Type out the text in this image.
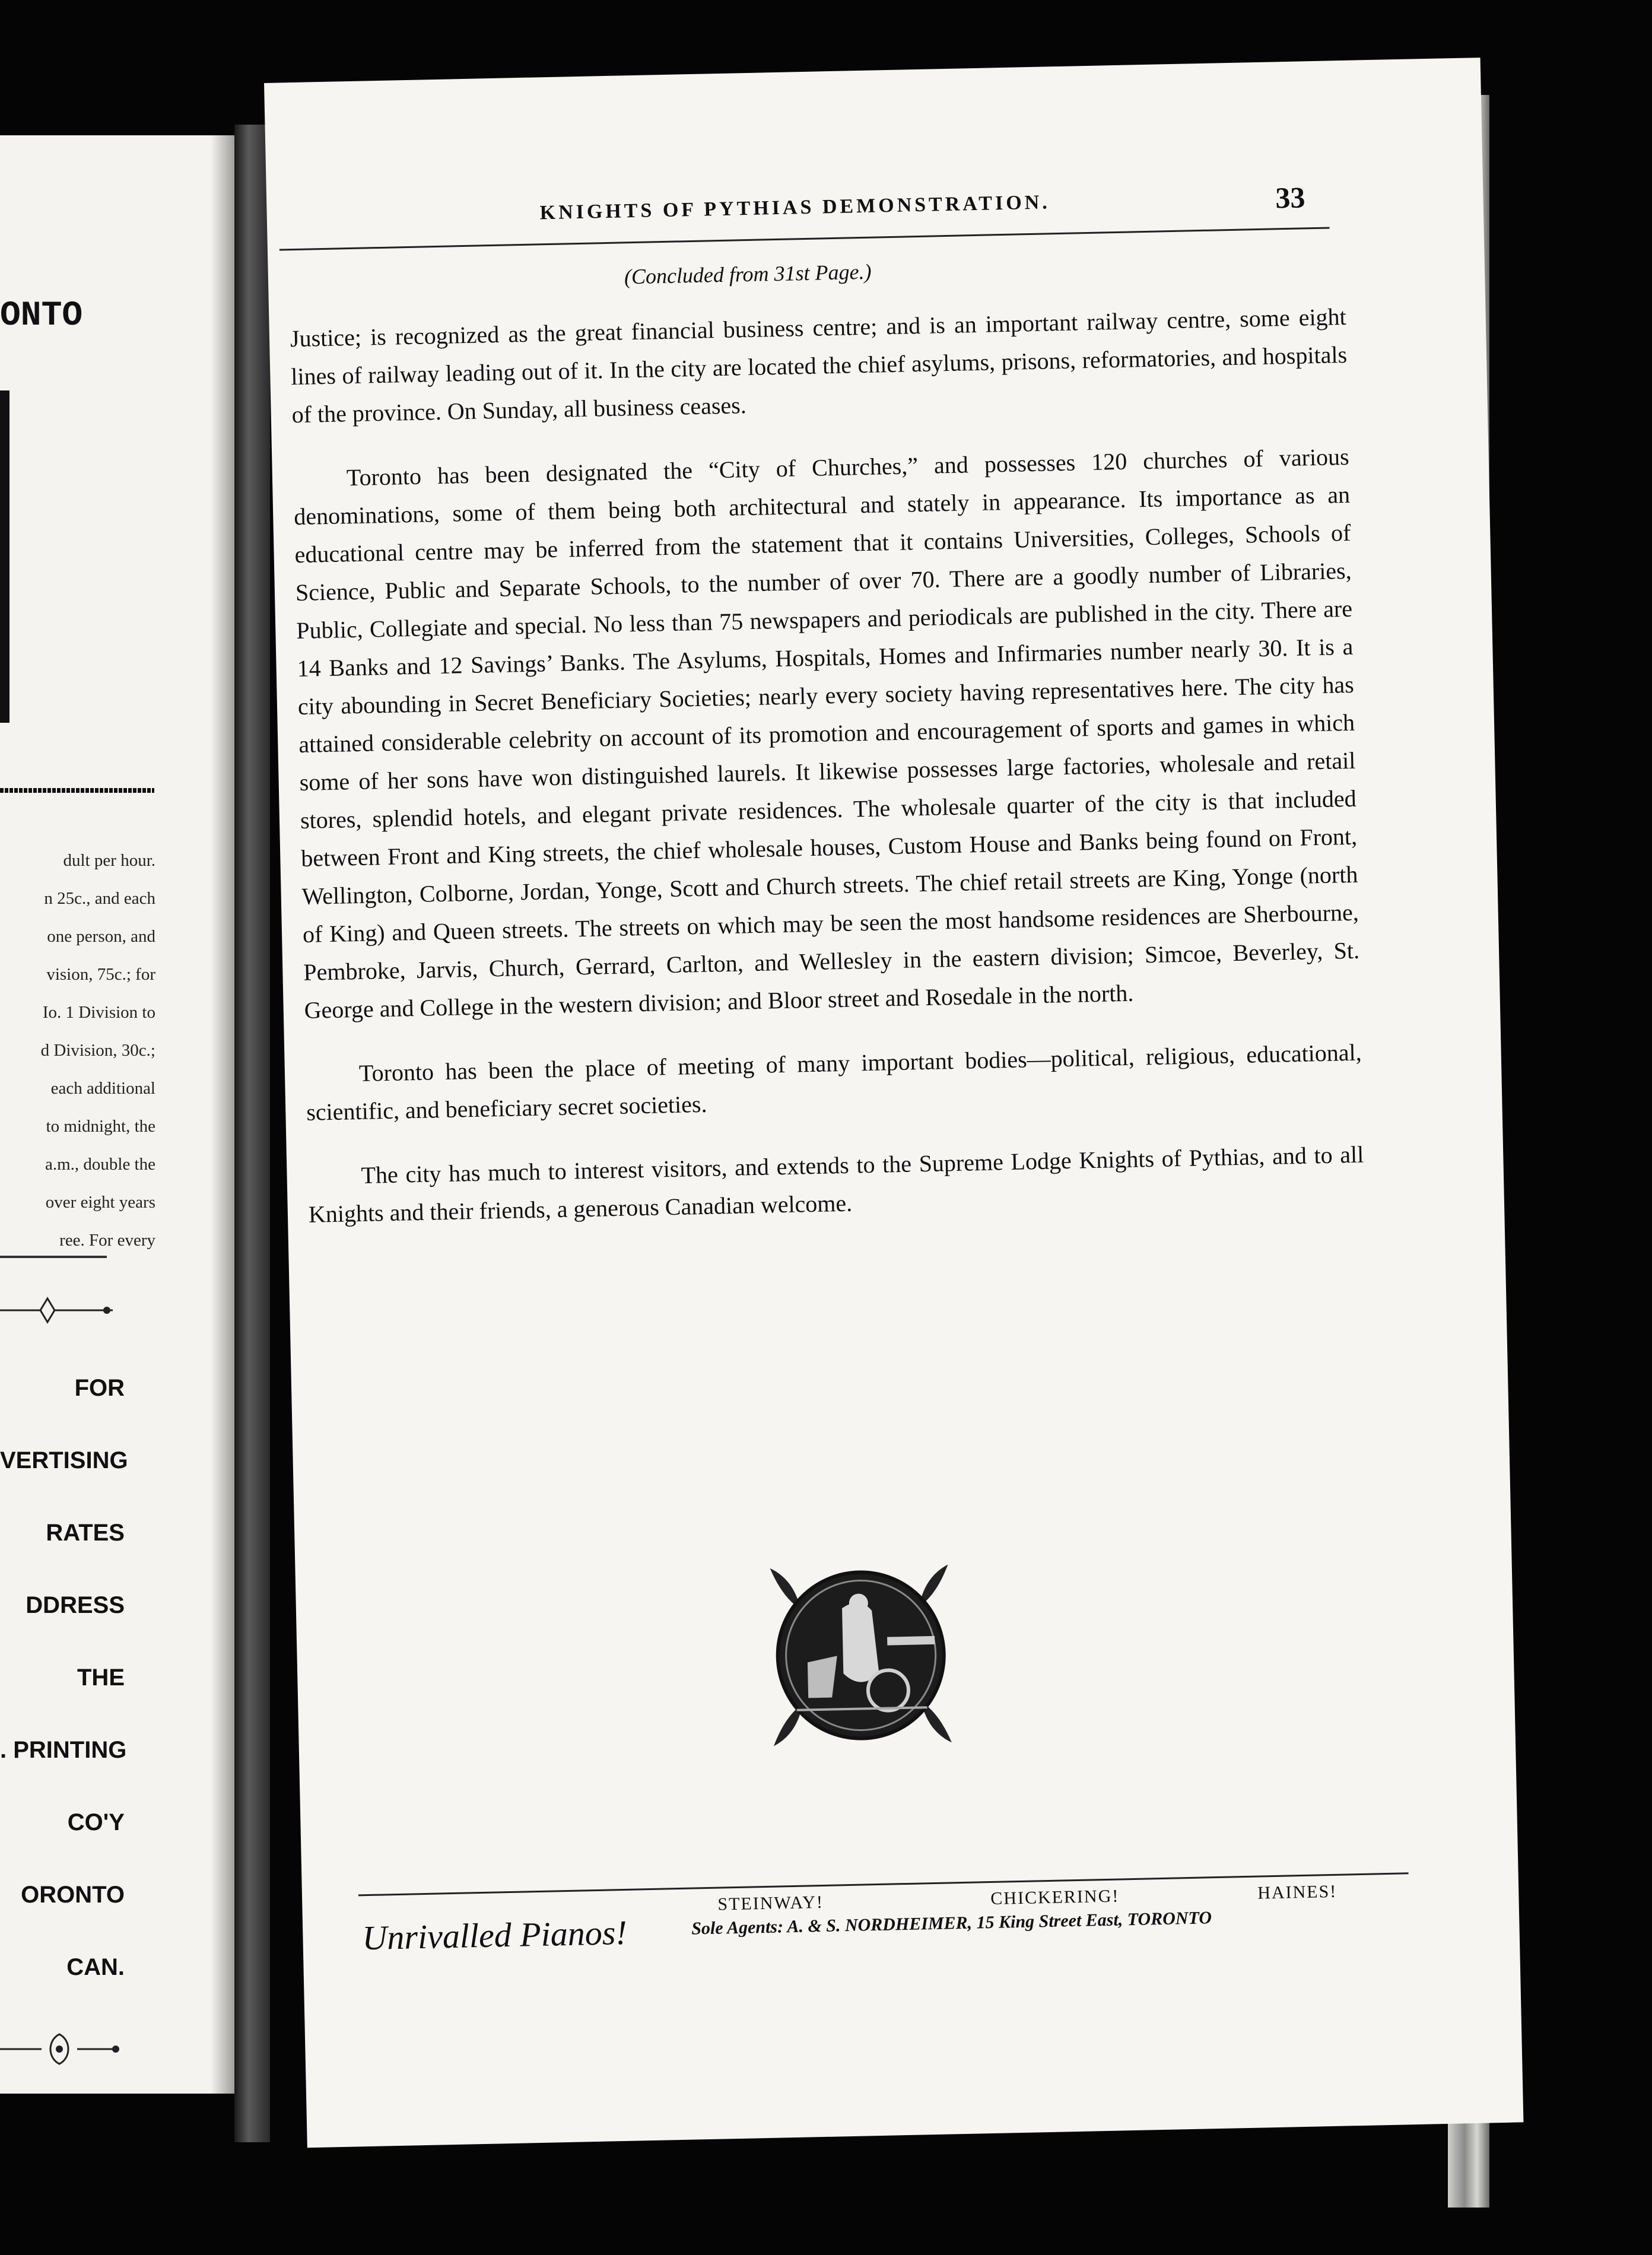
ONTO
dult per hour.
n 25c., and each
one person, and
vision, 75c.; for
Io. 1 Division to
d Division, 30c.;
each additional
to midnight, the
a.m., double the
over eight years
ree. For every
FOR
VERTISING
RATES
DDRESS
THE
. PRINTING
CO'Y
ORONTO
CAN.
KNIGHTS OF PYTHIAS DEMONSTRATION.	33
(Concluded from 31st Page.)

Justice; is recognized as the great financial business centre; and is an important railway centre, some eight lines of railway leading out of it. In the city are located the chief asylums, prisons, reformatories, and hospitals of the province. On Sunday, all business ceases.

Toronto has been designated the “City of Churches,” and possesses 120 churches of various denominations, some of them being both architectural and stately in appearance. Its importance as an educational centre may be inferred from the statement that it contains Universities, Colleges, Schools of Science, Public and Separate Schools, to the number of over 70. There are a goodly number of Libraries, Public, Collegiate and special. No less than 75 newspapers and periodicals are published in the city. There are 14 Banks and 12 Savings’ Banks. The Asylums, Hospitals, Homes and Infirmaries number nearly 30. It is a city abounding in Secret Beneficiary Societies; nearly every society having representatives here. The city has attained considerable celebrity on account of its promotion and encouragement of sports and games in which some of her sons have won distinguished laurels. It likewise possesses large factories, wholesale and retail stores, splendid hotels, and elegant private residences. The wholesale quarter of the city is that included between Front and King streets, the chief wholesale houses, Custom House and Banks being found on Front, Wellington, Colborne, Jordan, Yonge, Scott and Church streets. The chief retail streets are King, Yonge (north of King) and Queen streets. The streets on which may be seen the most handsome residences are Sherbourne, Pembroke, Jarvis, Church, Gerrard, Carlton, and Wellesley in the eastern division; Simcoe, Beverley, St. George and College in the western division; and Bloor street and Rosedale in the north.

Toronto has been the place of meeting of many important bodies—political, religious, educational, scientific, and beneficiary secret societies.

The city has much to interest visitors, and extends to the Supreme Lodge Knights of Pythias, and to all Knights and their friends, a generous Canadian welcome.

Unrivalled Pianos!
STEINWAY!	CHICKERING!	HAINES!
Sole Agents: A. & S. NORDHEIMER, 15 King Street East, TORONTO
